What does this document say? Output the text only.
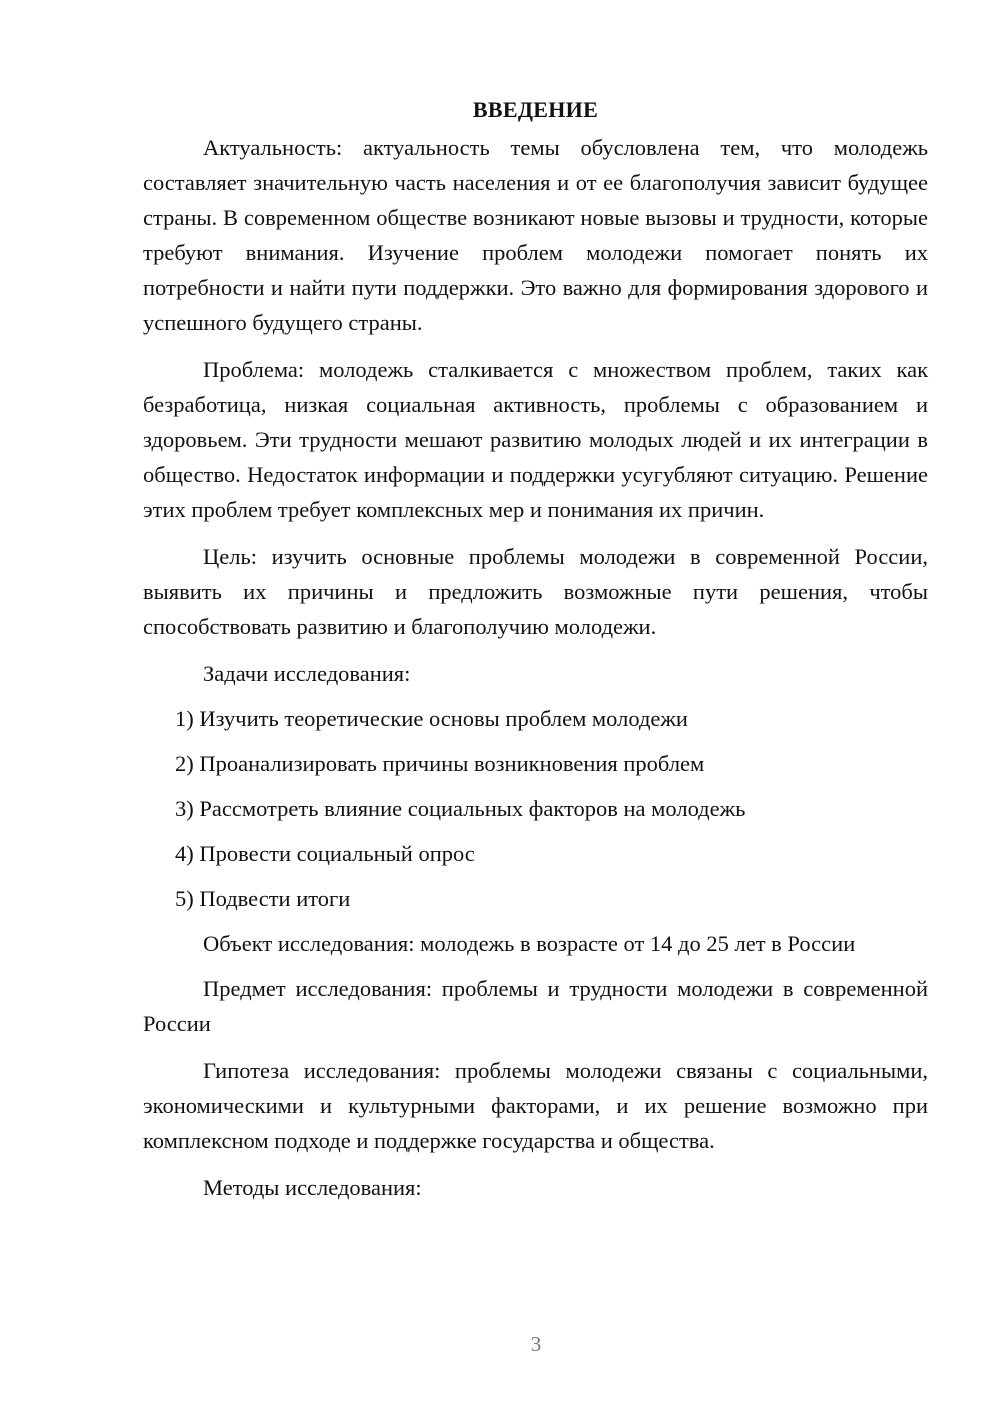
ВВЕДЕНИЕ

Актуальность: актуальность темы обусловлена тем, что молодежь составляет значительную часть населения и от ее благополучия зависит будущее страны. В современном обществе возникают новые вызовы и трудности, которые требуют внимания. Изучение проблем молодежи помогает понять их потребности и найти пути поддержки. Это важно для формирования здорового и успешного будущего страны.

Проблема: молодежь сталкивается с множеством проблем, таких как безработица, низкая социальная активность, проблемы с образованием и здоровьем. Эти трудности мешают развитию молодых людей и их интеграции в общество. Недостаток информации и поддержки усугубляют ситуацию. Решение этих проблем требует комплексных мер и понимания их причин.

Цель: изучить основные проблемы молодежи в современной России, выявить их причины и предложить возможные пути решения, чтобы способствовать развитию и благополучию молодежи.

Задачи исследования:
1) Изучить теоретические основы проблем молодежи
2) Проанализировать причины возникновения проблем
3) Рассмотреть влияние социальных факторов на молодежь
4) Провести социальный опрос
5) Подвести итоги
Объект исследования: молодежь в возрасте от 14 до 25 лет в России

Предмет исследования: проблемы и трудности молодежи в современной России

Гипотеза исследования: проблемы молодежи связаны с социальными, экономическими и культурными факторами, и их решение возможно при комплексном подходе и поддержке государства и общества.

Методы исследования:
3
